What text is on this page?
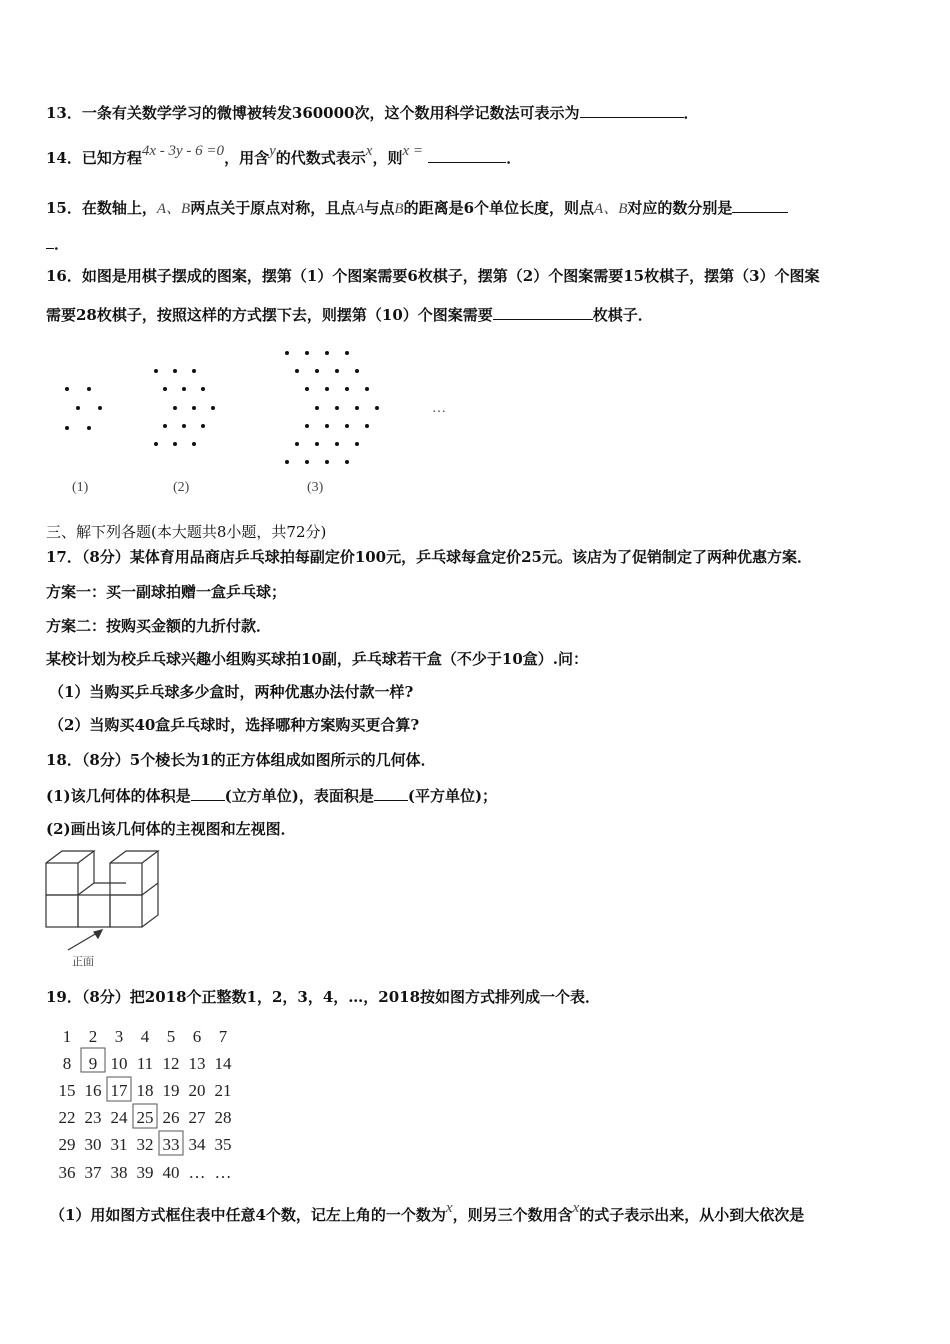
13．一条有关数学学习的微博被转发360000次，这个数用科学记数法可表示为	．
14．已知方程4x - 3y - 6 =0，用含y的代数式表示x，则x =	．
15．在数轴上，A、B两点关于原点对称，且点A与点B的距离是6个单位长度，则点A、B对应的数分别是
．
16．如图是用棋子摆成的图案，摆第（1）个图案需要6枚棋子，摆第（2）个图案需要15枚棋子，摆第（3）个图案
需要28枚棋子，按照这样的方式摆下去，则摆第（10）个图案需要	枚棋子．
…
(1)	(2)	(3)
三、解下列各题(本大题共8小题，共72分)
17．（8分）某体育用品商店乒乓球拍每副定价100元，乒乓球每盒定价25元。该店为了促销制定了两种优惠方案．
方案一：买一副球拍赠一盒乒乓球；
方案二：按购买金额的九折付款．
某校计划为校乒乓球兴趣小组购买球拍10副，乒乓球若干盒（不少于10盒）.问：
（1）当购买乒乓球多少盒时，两种优惠办法付款一样?
（2）当购买40盒乒乓球时，选择哪种方案购买更合算?
18．（8分）5个棱长为1的正方体组成如图所示的几何体．
(1)该几何体的体积是 (立方单位)，表面积是 (平方单位)；
(2)画出该几何体的主视图和左视图．
正面
19．（8分）把2018个正整数1，2，3，4，…，2018按如图方式排列成一个表．
1 2 3 4 5 6 7
8 9 10 11 12 13 14
15 16 17 18 19 20 21
22 23 24 25 26 27 28
29 30 31 32 33 34 35
36 37 38 39 40 … …
（1）用如图方式框住表中任意4个数，记左上角的一个数为x，则另三个数用含x的式子表示出来，从小到大依次是
